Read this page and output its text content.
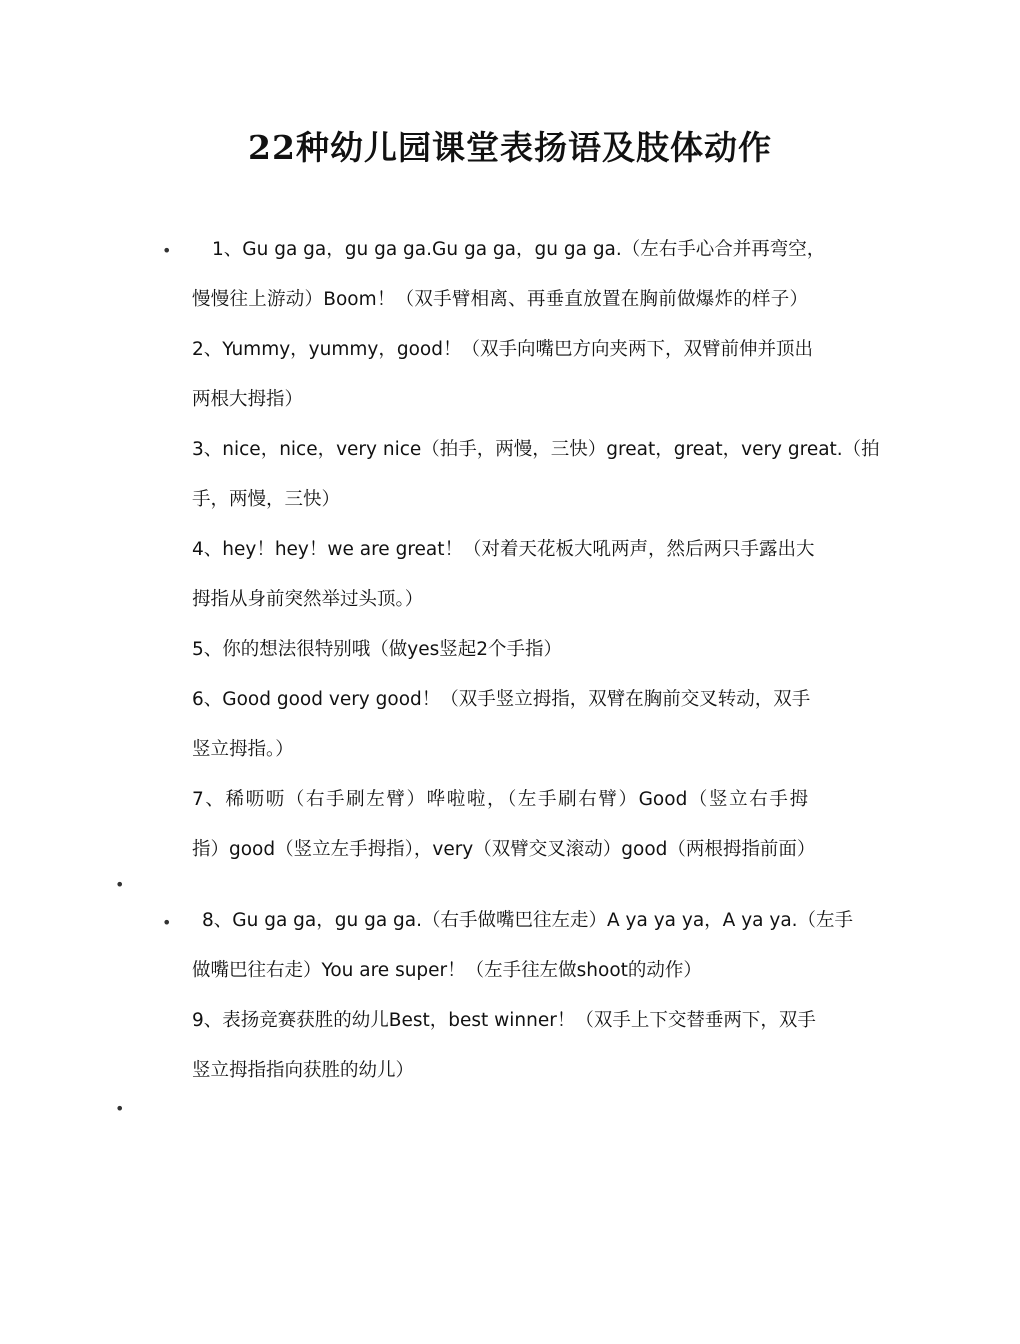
22种幼儿园课堂表扬语及肢体动作
•
•
•
•
1、Gu ga ga，gu ga ga.Gu ga ga，gu ga ga.（左右手心合并再弯空，
慢慢往上游动）Boom！（双手臂相离、再垂直放置在胸前做爆炸的样子）
2、Yummy，yummy，good！（双手向嘴巴方向夹两下，双臂前伸并顶出
两根大拇指）
3、nice，nice，very nice（拍手，两慢，三快）great，great，very great.（拍
手，两慢，三快）
4、hey！hey！we are great！（对着天花板大吼两声，然后两只手露出大
拇指从身前突然举过头顶。）
5、你的想法很特别哦（做yes竖起2个手指）
6、Good good very good！（双手竖立拇指，双臂在胸前交叉转动，双手
竖立拇指。）
7、稀呖呖（右手刷左臂）哗啦啦，（左手刷右臂）Good（竖立右手拇
指）good（竖立左手拇指），very（双臂交叉滚动）good（两根拇指前面）
8、Gu ga ga，gu ga ga.（右手做嘴巴往左走）A ya ya ya，A ya ya.（左手
做嘴巴往右走）You are super！（左手往左做shoot的动作）
9、表扬竞赛获胜的幼儿Best，best winner！（双手上下交替垂两下，双手
竖立拇指指向获胜的幼儿）
